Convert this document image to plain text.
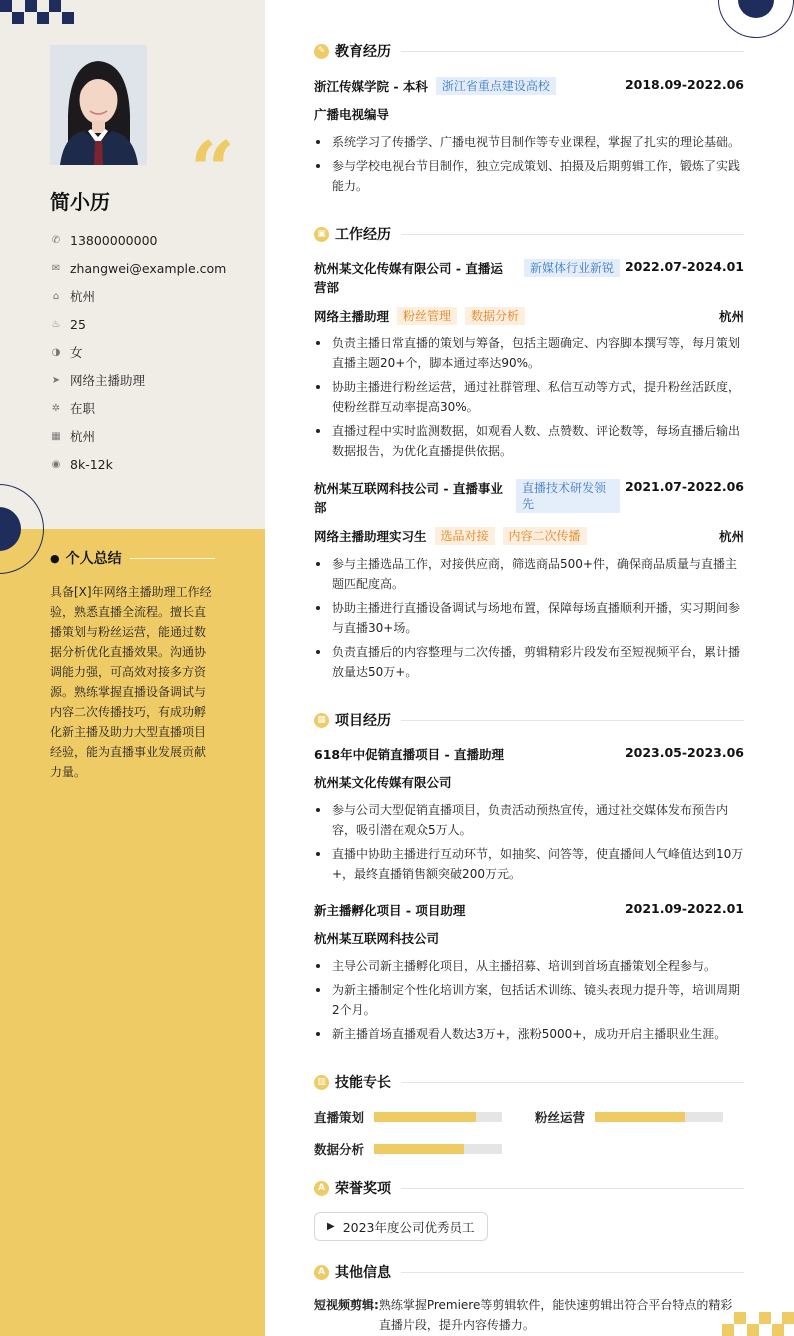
“
简小历
✆ 13800000000
✉ zhangwei@example.com
⌂ 杭州
♨ 25
◑ 女
➤ 网络主播助理
✲ 在职
▦ 杭州
◉ 8k-12k
● 个人总结
具备[X]年网络主播助理工作经验，熟悉直播全流程。擅长直播策划与粉丝运营，能通过数据分析优化直播效果。沟通协调能力强，可高效对接多方资源。熟练掌握直播设备调试与内容二次传播技巧，有成功孵化新主播及助力大型直播项目经验，能为直播事业发展贡献力量。
✎ 教育经历
浙江传媒学院 - 本科	浙江省重点建设高校	2018.09-2022.06
广播电视编导
系统学习了传播学、广播电视节目制作等专业课程，掌握了扎实的理论基础。
参与学校电视台节目制作，独立完成策划、拍摄及后期剪辑工作，锻炼了实践能力。
▣ 工作经历
杭州某文化传媒有限公司 - 直播运营部
新媒体行业新锐 2022.07-2024.01
网络主播助理	粉丝管理	数据分析	杭州
负责主播日常直播的策划与筹备，包括主题确定、内容脚本撰写等，每月策划直播主题20+个，脚本通过率达90%。
协助主播进行粉丝运营，通过社群管理、私信互动等方式，提升粉丝活跃度，使粉丝群互动率提高30%。
直播过程中实时监测数据，如观看人数、点赞数、评论数等，每场直播后输出数据报告，为优化直播提供依据。
杭州某互联网科技公司 - 直播事业部
直播技术研发领先
2021.07-2022.06
网络主播助理实习生	选品对接	内容二次传播	杭州
参与主播选品工作，对接供应商，筛选商品500+件，确保商品质量与直播主题匹配度高。
协助主播进行直播设备调试与场地布置，保障每场直播顺利开播，实习期间参与直播30+场。
负责直播后的内容整理与二次传播，剪辑精彩片段发布至短视频平台，累计播放量达50万+。
▦ 项目经历
618年中促销直播项目 - 直播助理	2023.05-2023.06
杭州某文化传媒有限公司
参与公司大型促销直播项目，负责活动预热宣传，通过社交媒体发布预告内容，吸引潜在观众5万人。
直播中协助主播进行互动环节，如抽奖、问答等，使直播间人气峰值达到10万+，最终直播销售额突破200万元。
新主播孵化项目 - 项目助理	2021.09-2022.01
杭州某互联网科技公司
主导公司新主播孵化项目，从主播招募、培训到首场直播策划全程参与。
为新主播制定个性化培训方案，包括话术训练、镜头表现力提升等，培训周期2个月。
新主播首场直播观看人数达3万+，涨粉5000+，成功开启主播职业生涯。
▥ 技能专长
直播策划	粉丝运营
数据分析
A 荣誉奖项
▶ 2023年度公司优秀员工
A 其他信息
短视频剪辑: 熟练掌握Premiere等剪辑软件，能快速剪辑出符合平台特点的精彩直播片段，提升内容传播力。
